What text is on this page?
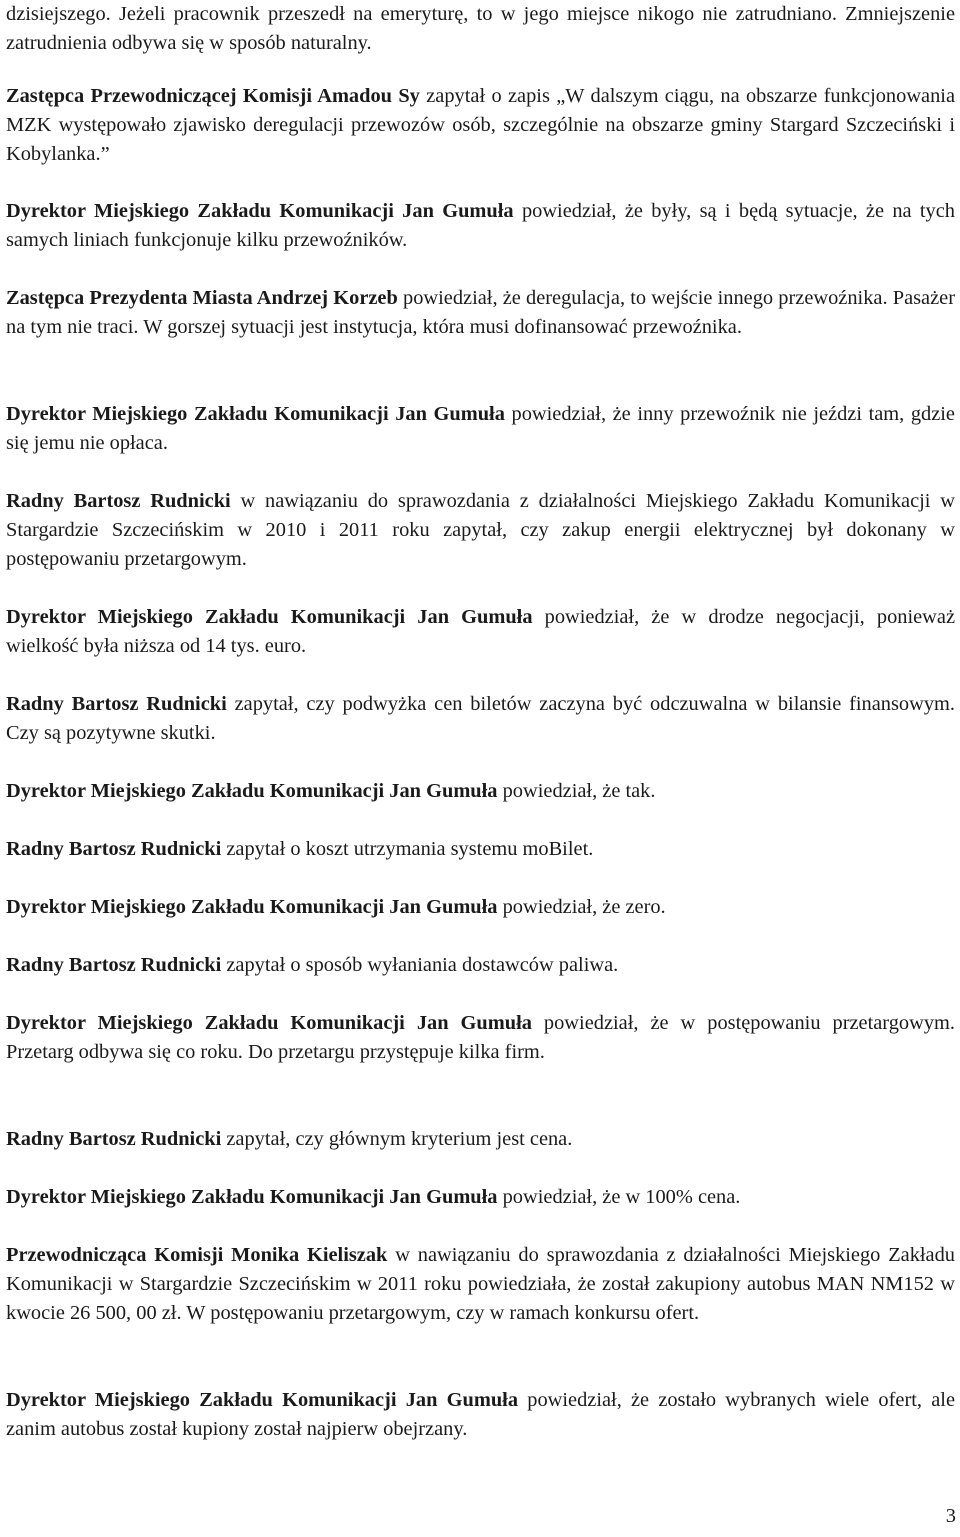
dzisiejszego. Jeżeli pracownik przeszedł na emeryturę, to w jego miejsce nikogo nie zatrudniano. Zmniejszenie zatrudnienia odbywa się w sposób naturalny.

Zastępca Przewodniczącej Komisji Amadou Sy zapytał o zapis „W dalszym ciągu, na obszarze funkcjonowania MZK występowało zjawisko deregulacji przewozów osób, szczególnie na obszarze gminy Stargard Szczeciński i Kobylanka.”

Dyrektor Miejskiego Zakładu Komunikacji Jan Gumuła powiedział, że były, są i będą sytuacje, że na tych samych liniach funkcjonuje kilku przewoźników.

Zastępca Prezydenta Miasta Andrzej Korzeb powiedział, że deregulacja, to wejście innego przewoźnika. Pasażer na tym nie traci. W gorszej sytuacji jest instytucja, która musi dofinansować przewoźnika.

Dyrektor Miejskiego Zakładu Komunikacji Jan Gumuła powiedział, że inny przewoźnik nie jeździ tam, gdzie się jemu nie opłaca.

Radny Bartosz Rudnicki w nawiązaniu do sprawozdania z działalności Miejskiego Zakładu Komunikacji w Stargardzie Szczecińskim w 2010 i 2011 roku zapytał, czy zakup energii elektrycznej był dokonany w postępowaniu przetargowym.

Dyrektor Miejskiego Zakładu Komunikacji Jan Gumuła powiedział, że w drodze negocjacji, ponieważ wielkość była niższa od 14 tys. euro.

Radny Bartosz Rudnicki zapytał, czy podwyżka cen biletów zaczyna być odczuwalna w bilansie finansowym. Czy są pozytywne skutki.

Dyrektor Miejskiego Zakładu Komunikacji Jan Gumuła powiedział, że tak.

Radny Bartosz Rudnicki zapytał o koszt utrzymania systemu moBilet.

Dyrektor Miejskiego Zakładu Komunikacji Jan Gumuła powiedział, że zero.

Radny Bartosz Rudnicki zapytał o sposób wyłaniania dostawców paliwa.

Dyrektor Miejskiego Zakładu Komunikacji Jan Gumuła powiedział, że w postępowaniu przetargowym. Przetarg odbywa się co roku. Do przetargu przystępuje kilka firm.

Radny Bartosz Rudnicki zapytał, czy głównym kryterium jest cena.

Dyrektor Miejskiego Zakładu Komunikacji Jan Gumuła powiedział, że w 100% cena.

Przewodnicząca Komisji Monika Kieliszak w nawiązaniu do sprawozdania z działalności Miejskiego Zakładu Komunikacji w Stargardzie Szczecińskim w 2011 roku powiedziała, że został zakupiony autobus MAN NM152 w kwocie 26 500, 00 zł. W postępowaniu przetargowym, czy w ramach konkursu ofert.

Dyrektor Miejskiego Zakładu Komunikacji Jan Gumuła powiedział, że zostało wybranych wiele ofert, ale zanim autobus został kupiony został najpierw obejrzany.

3
